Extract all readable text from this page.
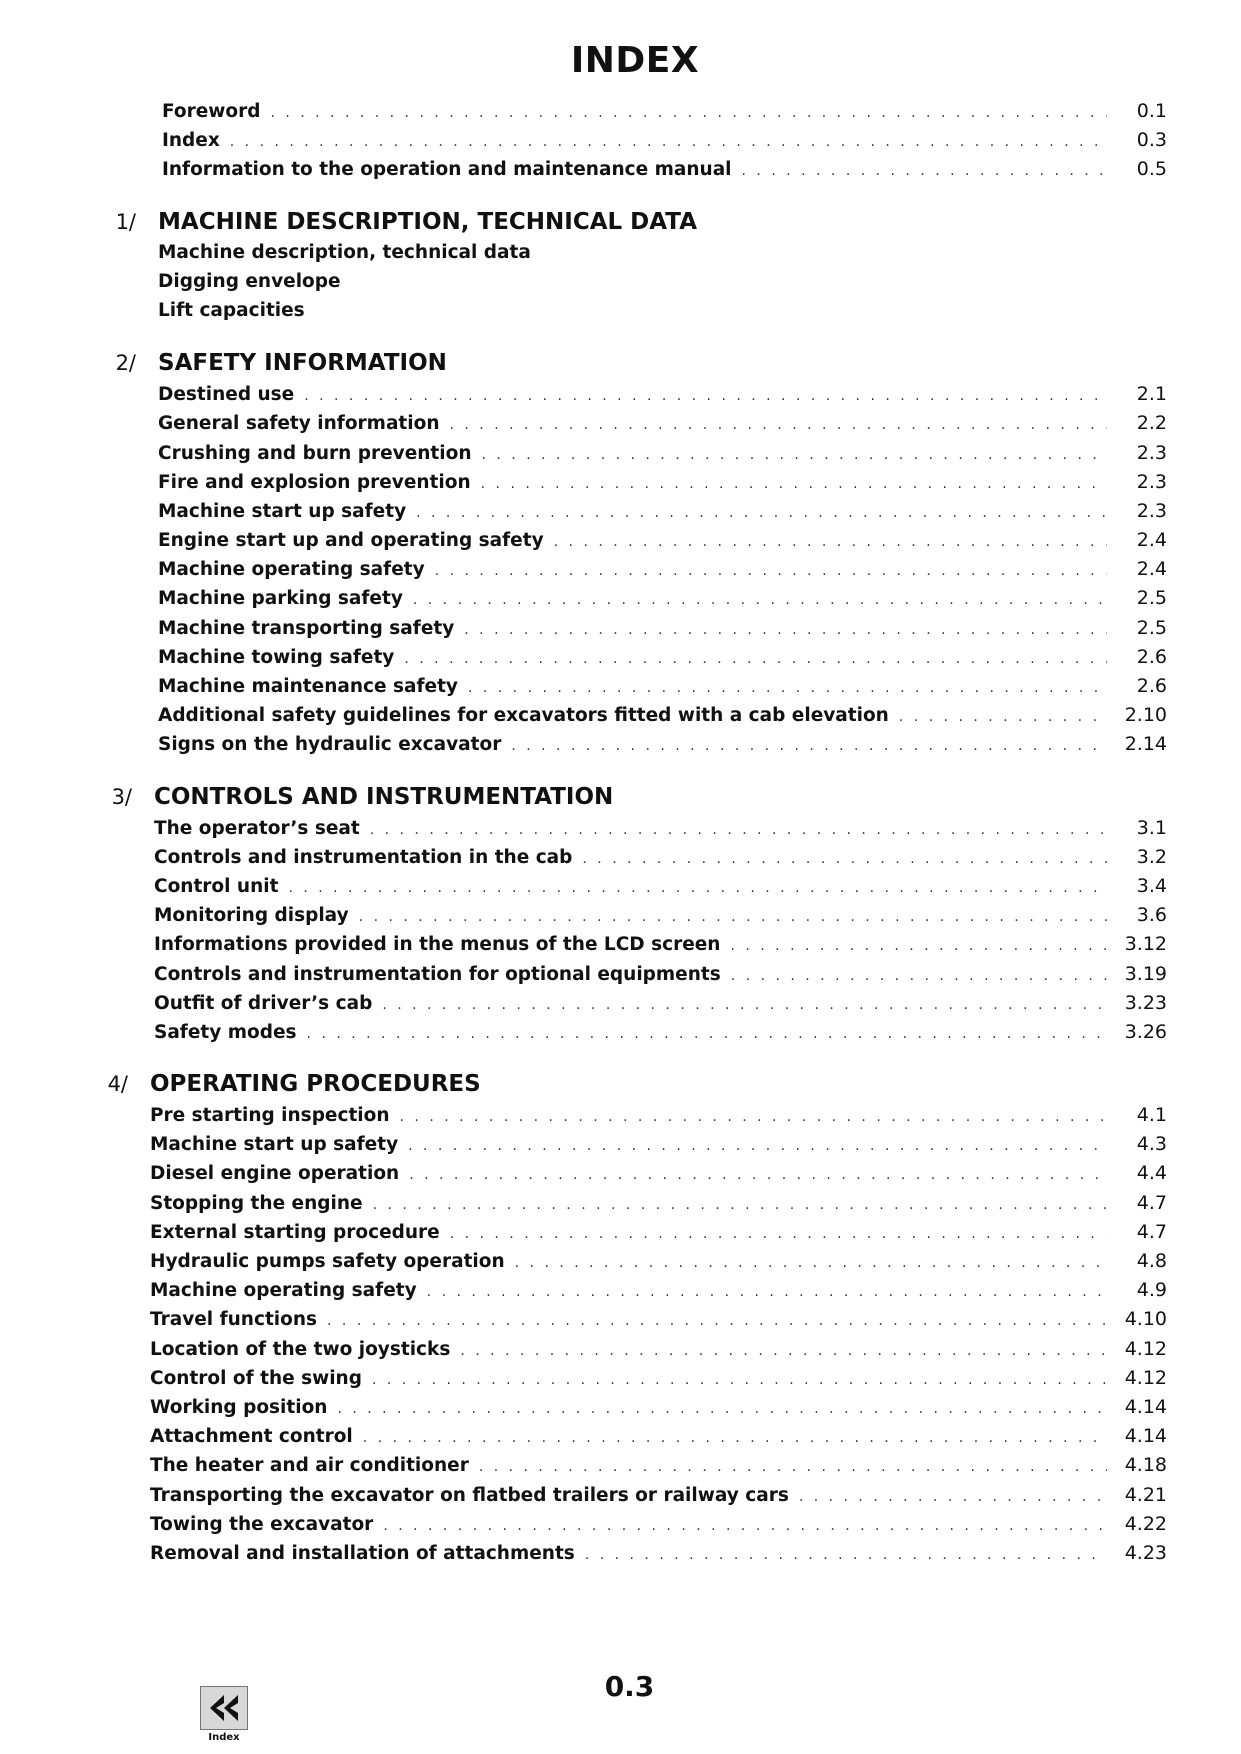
INDEX
Foreword . . .	0.1
Index . . .	0.3
Information to the operation and maintenance manual . . .	0.5
1/ MACHINE DESCRIPTION, TECHNICAL DATA
Machine description, technical data
Digging envelope
Lift capacities
2/ SAFETY INFORMATION
Destined use . . .	2.1
General safety information . . .	2.2
Crushing and burn prevention . . .	2.3
Fire and explosion prevention . . .	2.3
Machine start up safety . . .	2.3
Engine start up and operating safety . . .	2.4
Machine operating safety . . .	2.4
Machine parking safety . . .	2.5
Machine transporting safety . . .	2.5
Machine towing safety . . .	2.6
Machine maintenance safety . . .	2.6
Additional safety guidelines for excavators fitted with a cab elevation . . .	2.10
Signs on the hydraulic excavator . . .	2.14
3/ CONTROLS AND INSTRUMENTATION
The operator’s seat . . .	3.1
Controls and instrumentation in the cab . . .	3.2
Control unit . . .	3.4
Monitoring display . . .	3.6
Informations provided in the menus of the LCD screen . . .	3.12
Controls and instrumentation for optional equipments . . .	3.19
Outfit of driver’s cab . . .	3.23
Safety modes . . .	3.26
4/ OPERATING PROCEDURES
Pre starting inspection . . .	4.1
Machine start up safety . . .	4.3
Diesel engine operation . . .	4.4
Stopping the engine . . .	4.7
External starting procedure . . .	4.7
Hydraulic pumps safety operation . . .	4.8
Machine operating safety . . .	4.9
Travel functions . . .	4.10
Location of the two joysticks . . .	4.12
Control of the swing . . .	4.12
Working position . . .	4.14
Attachment control . . .	4.14
The heater and air conditioner . . .	4.18
Transporting the excavator on flatbed trailers or railway cars . . .	4.21
Towing the excavator . . .	4.22
Removal and installation of attachments . . .	4.23
0.3
Index
